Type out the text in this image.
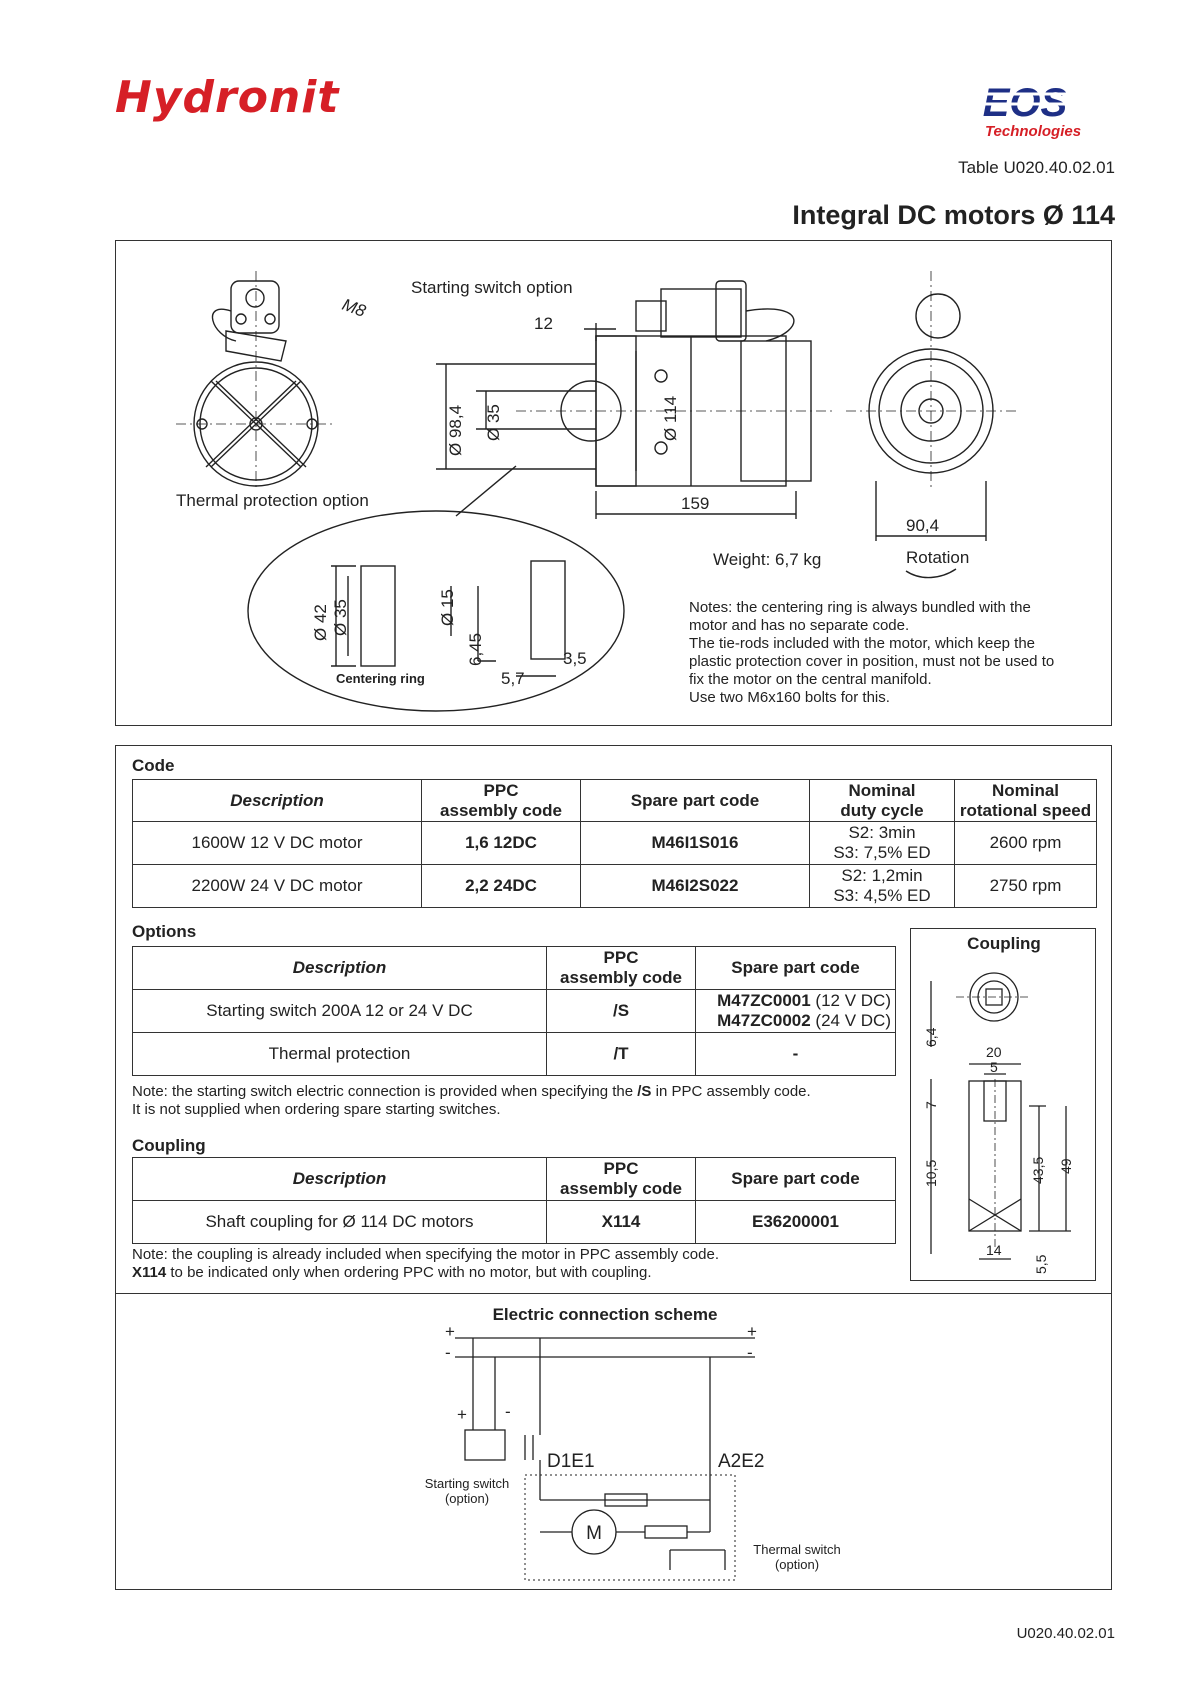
Hydronit	EOS
Technologies
Table U020.40.02.01
Integral DC motors Ø 114
Starting switch option
M8
12
Ø 98,4 Ø 35	Ø 114
159
90,4
Thermal protection option
Weight: 6,7 kg	Rotation
Ø 42 Ø 35	Ø 15
6,45	3,5
5,7
Centering ring
Notes: the centering ring is always bundled with the
motor and has no separate code.
The tie-rods included with the motor, which keep the
plastic protection cover in position, must not be used to
fix the motor on the central manifold.
Use two M6x160 bolts for this.
Code
Description	PPC
assembly code	Spare part code	Nominal
duty cycle	Nominal
rotational speed
1600W 12 V DC motor	1,6 12DC	M46I1S016	S2: 3min
S3: 7,5% ED	2600 rpm
2200W 24 V DC motor	2,2 24DC	M46I2S022	S2: 1,2min
S3: 4,5% ED	2750 rpm
Options
Description	PPC
assembly code	Spare part code
Starting switch 200A 12 or 24 V DC	/S	M47ZC0001 (12 V DC)
M47ZC0002 (24 V DC)
Thermal protection	/T	-
Note: the starting switch electric connection is provided when specifying the /S in PPC assembly code.
It is not supplied when ordering spare starting switches.
Coupling
Description	PPC
assembly code	Spare part code
Shaft coupling for Ø 114 DC motors	X114	E36200001
Note: the coupling is already included when specifying the motor in PPC assembly code.
X114 to be indicated only when ordering PPC with no motor, but with coupling.
Coupling
6,4
20
5
7
10,5	43,5 49
14
5,5
Electric connection scheme
+
-
+
-
+ -
D1E1	A2E2
M
Starting switch
(option)
Thermal switch
(option)
U020.40.02.01
